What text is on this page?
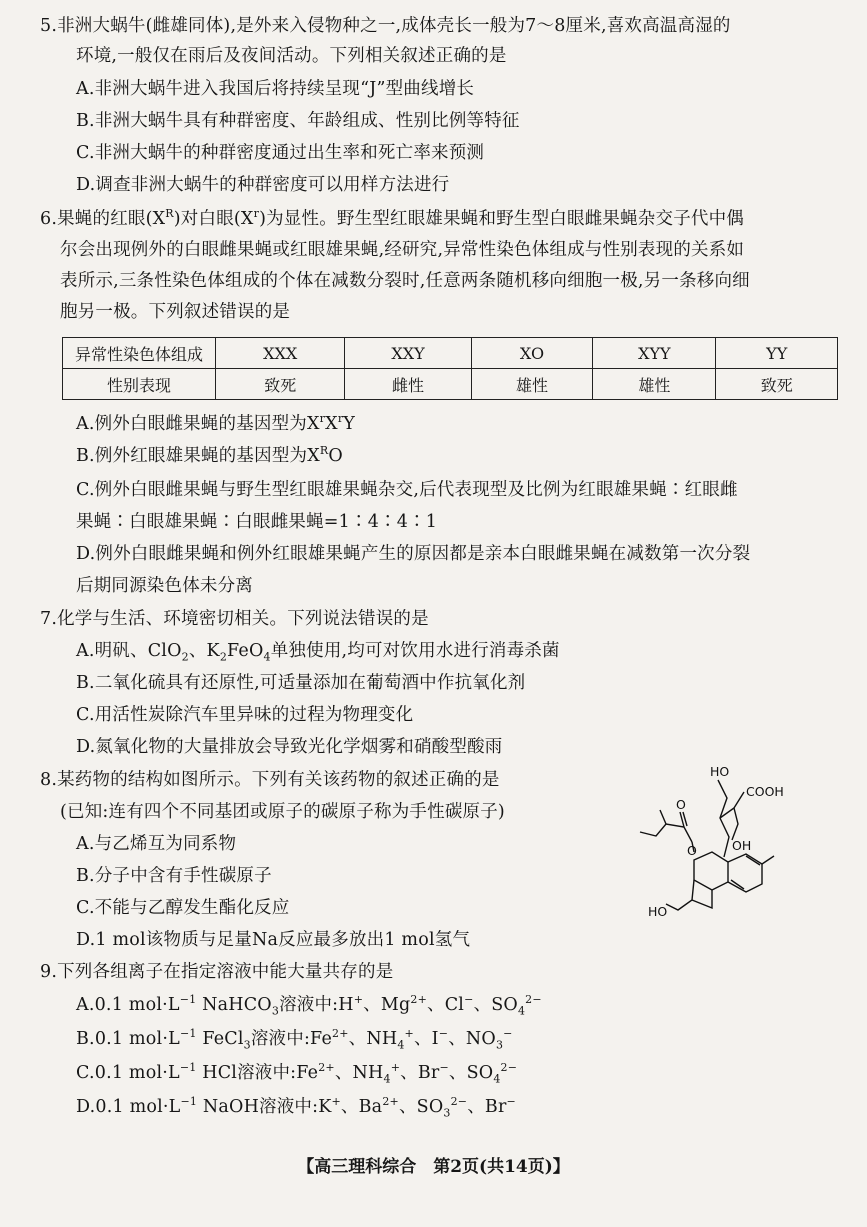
5.非洲大蜗牛(雌雄同体),是外来入侵物种之一,成体壳长一般为7～8厘米,喜欢高温高湿的
环境,一般仅在雨后及夜间活动。下列相关叙述正确的是
A.非洲大蜗牛进入我国后将持续呈现“J”型曲线增长
B.非洲大蜗牛具有种群密度、年龄组成、性别比例等特征
C.非洲大蜗牛的种群密度通过出生率和死亡率来预测
D.调查非洲大蜗牛的种群密度可以用样方法进行
6.果蝇的红眼$(X^R)$对白眼$(X^r)$为显性。野生型红眼雄果蝇和野生型白眼雌果蝇杂交子代中偶
尔会出现例外的白眼雌果蝇或红眼雄果蝇,经研究,异常性染色体组成与性别表现的关系如
表所示,三条性染色体组成的个体在减数分裂时,任意两条随机移向细胞一极,另一条移向细
胞另一极。下列叙述错误的是
异常性染色体组成	XXX	XXY	XO	XYY	YY
性别表现	致死	雌性	雄性	雄性	致死
A.例外白眼雌果蝇的基因型为$X^rX^rY$
B.例外红眼雄果蝇的基因型为$X^RO$
C.例外白眼雌果蝇与野生型红眼雄果蝇杂交,后代表现型及比例为红眼雄果蝇∶红眼雌
果蝇∶白眼雄果蝇∶白眼雌果蝇=1∶4∶4∶1
D.例外白眼雌果蝇和例外红眼雄果蝇产生的原因都是亲本白眼雌果蝇在减数第一次分裂
后期同源染色体未分离
7.化学与生活、环境密切相关。下列说法错误的是
A.明矾、ClO$_2$、$K_2FeO_4$单独使用,均可对饮用水进行消毒杀菌
B.二氧化硫具有还原性,可适量添加在葡萄酒中作抗氧化剂
C.用活性炭除汽车里异味的过程为物理变化
D.氮氧化物的大量排放会导致光化学烟雾和硝酸型酸雨
8.某药物的结构如图所示。下列有关该药物的叙述正确的是
(已知:连有四个不同基团或原子的碳原子称为手性碳原子)
A.与乙烯互为同系物
B.分子中含有手性碳原子
C.不能与乙醇发生酯化反应
D.1 mol该物质与足量Na反应最多放出1 mol氢气
HO
COOH
OH
O
O
HO
9.下列各组离子在指定溶液中能大量共存的是
A.0.1 $mol\cdot L^{-1}$ NaHCO$_3$溶液中:H+、$Mg^{2+}$、Cl−、$SO_4^{2-}$
B.0.1 $mol\cdot L^{-1}$ FeCl$_3$溶液中$:Fe^{2+}$、$NH_4^+$、I−、$NO_3^-$
C.0.1 $mol\cdot L^{-1}$ HCl溶液中$:Fe^{2+}$、$NH_4^+$、Br−、$SO_4^{2-}$
D.0.1 $mol\cdot L^{-1}$ NaOH溶液中:K+、$Ba^{2+}$、$SO_3^{2-}$、Br−
【高三理科综合　第2页(共14页)】
